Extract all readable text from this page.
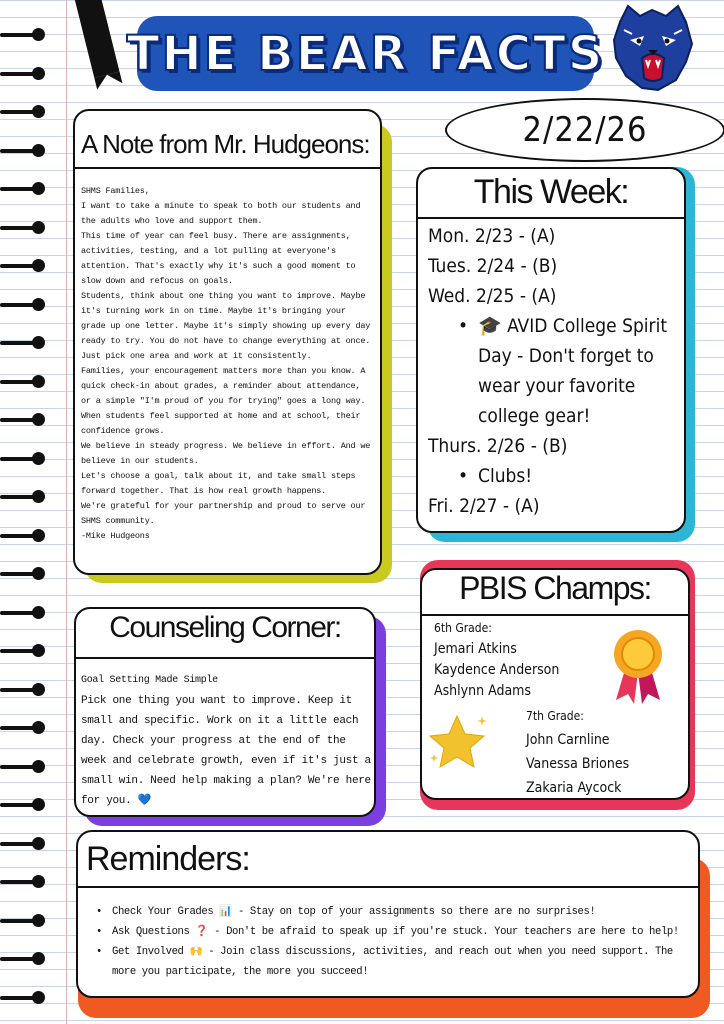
THE BEAR FACTS
2/22/26
A Note from Mr. Hudgeons:

SHMS Families,

I want to take a minute to speak to both our students and the adults who love and support them.

This time of year can feel busy. There are assignments, activities, testing, and a lot pulling at everyone's attention. That's exactly why it's such a good moment to slow down and refocus on goals.

Students, think about one thing you want to improve. Maybe it's turning work in on time. Maybe it's bringing your grade up one letter. Maybe it's simply showing up every day ready to try. You do not have to change everything at once. Just pick one area and work at it consistently.

Families, your encouragement matters more than you know. A quick check-in about grades, a reminder about attendance, or a simple "I'm proud of you for trying" goes a long way. When students feel supported at home and at school, their confidence grows.

We believe in steady progress. We believe in effort. And we believe in our students.

Let's choose a goal, talk about it, and take small steps forward together. That is how real growth happens.

We're grateful for your partnership and proud to serve our SHMS community.

-Mike Hudgeons

This Week:
Mon. 2/23 - (A)
Tues. 2/24 - (B)
Wed. 2/25 - (A)
• 🎓 AVID College Spirit Day - Don't forget to wear your favorite college gear!
Thurs. 2/26 - (B)
• Clubs!
Fri. 2/27 - (A)
PBIS Champs:
6th Grade:
Jemari Atkins
Kaydence Anderson
Ashlynn Adams
7th Grade:
John Carnline
Vanessa Briones
Zakaria Aycock
Counseling Corner:

Goal Setting Made Simple

Pick one thing you want to improve. Keep it small and specific. Work on it a little each day. Check your progress at the end of the week and celebrate growth, even if it's just a small win. Need help making a plan? We're here for you. 💙

Reminders:
• Check Your Grades 📊 - Stay on top of your assignments so there are no surprises!
• Ask Questions ❓ - Don't be afraid to speak up if you're stuck. Your teachers are here to help!
• Get Involved 🙌 - Join class discussions, activities, and reach out when you need support. The more you participate, the more you succeed!
